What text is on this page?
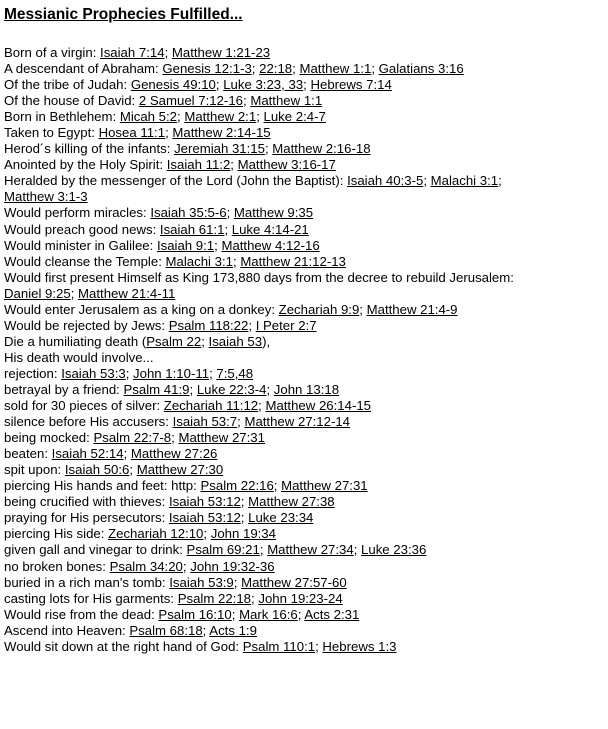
Messianic Prophecies Fulfilled...
Born of a virgin: Isaiah 7:14; Matthew 1:21-23
A descendant of Abraham: Genesis 12:1-3; 22:18; Matthew 1:1; Galatians 3:16
Of the tribe of Judah: Genesis 49:10; Luke 3:23, 33; Hebrews 7:14
Of the house of David: 2 Samuel 7:12-16; Matthew 1:1
Born in Bethlehem: Micah 5:2; Matthew 2:1; Luke 2:4-7
Taken to Egypt: Hosea 11:1; Matthew 2:14-15
Herod´s killing of the infants: Jeremiah 31:15; Matthew 2:16-18
Anointed by the Holy Spirit: Isaiah 11:2; Matthew 3:16-17
Heralded by the messenger of the Lord (John the Baptist): Isaiah 40:3-5; Malachi 3:1;
Matthew 3:1-3
Would perform miracles: Isaiah 35:5-6; Matthew 9:35
Would preach good news: Isaiah 61:1; Luke 4:14-21
Would minister in Galilee: Isaiah 9:1; Matthew 4:12-16
Would cleanse the Temple: Malachi 3:1; Matthew 21:12-13
Would first present Himself as King 173,880 days from the decree to rebuild Jerusalem:
Daniel 9:25; Matthew 21:4-11
Would enter Jerusalem as a king on a donkey: Zechariah 9:9; Matthew 21:4-9
Would be rejected by Jews: Psalm 118:22; I Peter 2:7
Die a humiliating death (Psalm 22; Isaiah 53),
His death would involve...
rejection: Isaiah 53:3; John 1:10-11; 7:5,48
betrayal by a friend: Psalm 41:9; Luke 22:3-4; John 13:18
sold for 30 pieces of silver: Zechariah 11:12; Matthew 26:14-15
silence before His accusers: Isaiah 53:7; Matthew 27:12-14
being mocked: Psalm 22:7-8; Matthew 27:31
beaten: Isaiah 52:14; Matthew 27:26
spit upon: Isaiah 50:6; Matthew 27:30
piercing His hands and feet: http: Psalm 22:16; Matthew 27:31
being crucified with thieves: Isaiah 53:12; Matthew 27:38
praying for His persecutors: Isaiah 53:12; Luke 23:34
piercing His side: Zechariah 12:10; John 19:34
given gall and vinegar to drink: Psalm 69:21; Matthew 27:34; Luke 23:36
no broken bones: Psalm 34:20; John 19:32-36
buried in a rich man's tomb: Isaiah 53:9; Matthew 27:57-60
casting lots for His garments: Psalm 22:18; John 19:23-24
Would rise from the dead: Psalm 16:10; Mark 16:6; Acts 2:31
Ascend into Heaven: Psalm 68:18; Acts 1:9
Would sit down at the right hand of God: Psalm 110:1; Hebrews 1:3
